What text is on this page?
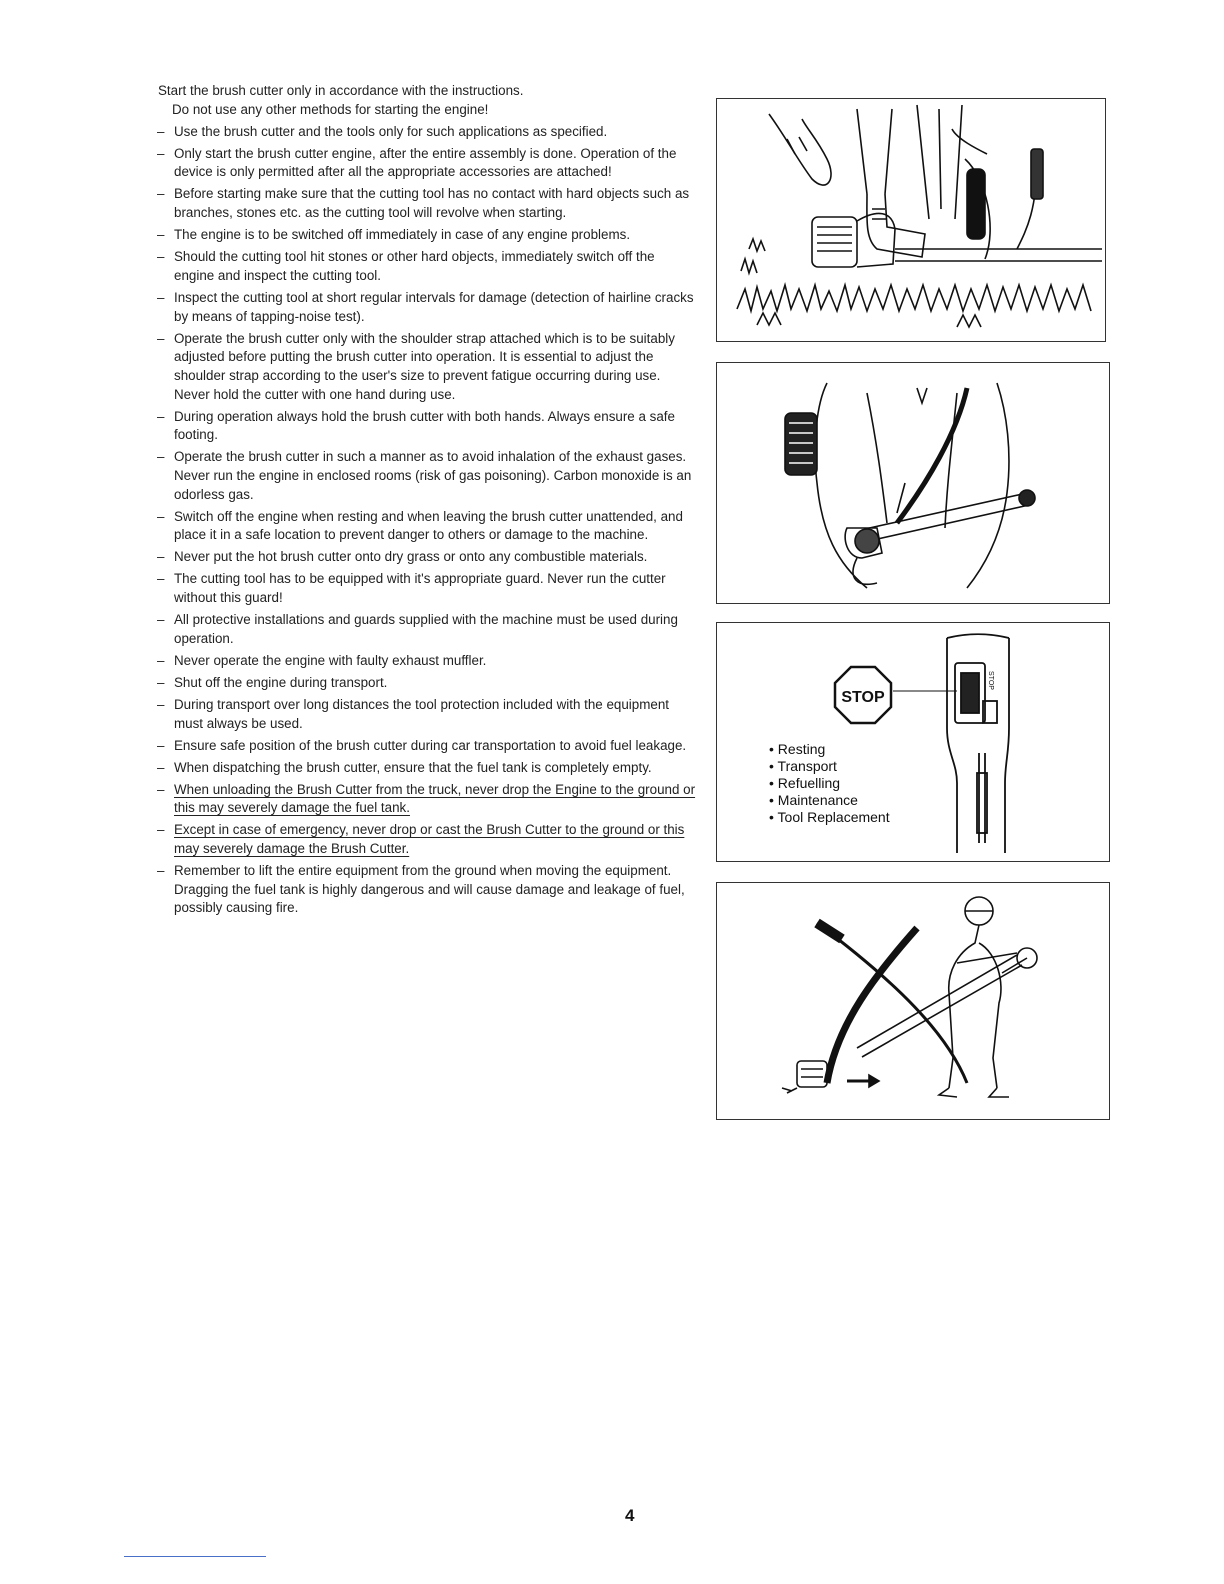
Start the brush cutter only in accordance with the instructions.

Do not use any other methods for starting the engine!

– Use the brush cutter and the tools only for such applications as specified.
– Only start the brush cutter engine, after the entire assembly is done. Operation of the device is only permitted after all the appropriate accessories are attached!
– Before starting make sure that the cutting tool has no contact with hard objects such as branches, stones etc. as the cutting tool will revolve when starting.
– The engine is to be switched off immediately in case of any engine problems.
– Should the cutting tool hit stones or other hard objects, immediately switch off the engine and inspect the cutting tool.
– Inspect the cutting tool at short regular intervals for damage (detection of hairline cracks by means of tapping-noise test).
– Operate the brush cutter only with the shoulder strap attached which is to be suitably adjusted before putting the brush cutter into operation. It is essential to adjust the shoulder strap according to the user's size to prevent fatigue occurring during use. Never hold the cutter with one hand during use.
– During operation always hold the brush cutter with both hands. Always ensure a safe footing.
– Operate the brush cutter in such a manner as to avoid inhalation of the exhaust gases. Never run the engine in enclosed rooms (risk of gas poisoning). Carbon monoxide is an odorless gas.
– Switch off the engine when resting and when leaving the brush cutter unattended, and place it in a safe location to prevent danger to others or damage to the machine.
– Never put the hot brush cutter onto dry grass or onto any combustible materials.
– The cutting tool has to be equipped with it's appropriate guard. Never run the cutter without this guard!
– All protective installations and guards supplied with the machine must be used during operation.
– Never operate the engine with faulty exhaust muffler.
– Shut off the engine during transport.
– During transport over long distances the tool protection included with the equipment must always be used.
– Ensure safe position of the brush cutter during car transportation to avoid fuel leakage.
– When dispatching the brush cutter, ensure that the fuel tank is completely empty.
– When unloading the Brush Cutter from the truck, never drop the Engine to the ground or this may severely damage the fuel tank.
– Except in case of emergency, never drop or cast the Brush Cutter to the ground or this may severely damage the Brush Cutter.
– Remember to lift the entire equipment from the ground when moving the equipment. Dragging the fuel tank is highly dangerous and will cause damage and leakage of fuel, possibly causing fire.
STOP
STOP
• Resting
• Transport
• Refuelling
• Maintenance
• Tool Replacement
4
